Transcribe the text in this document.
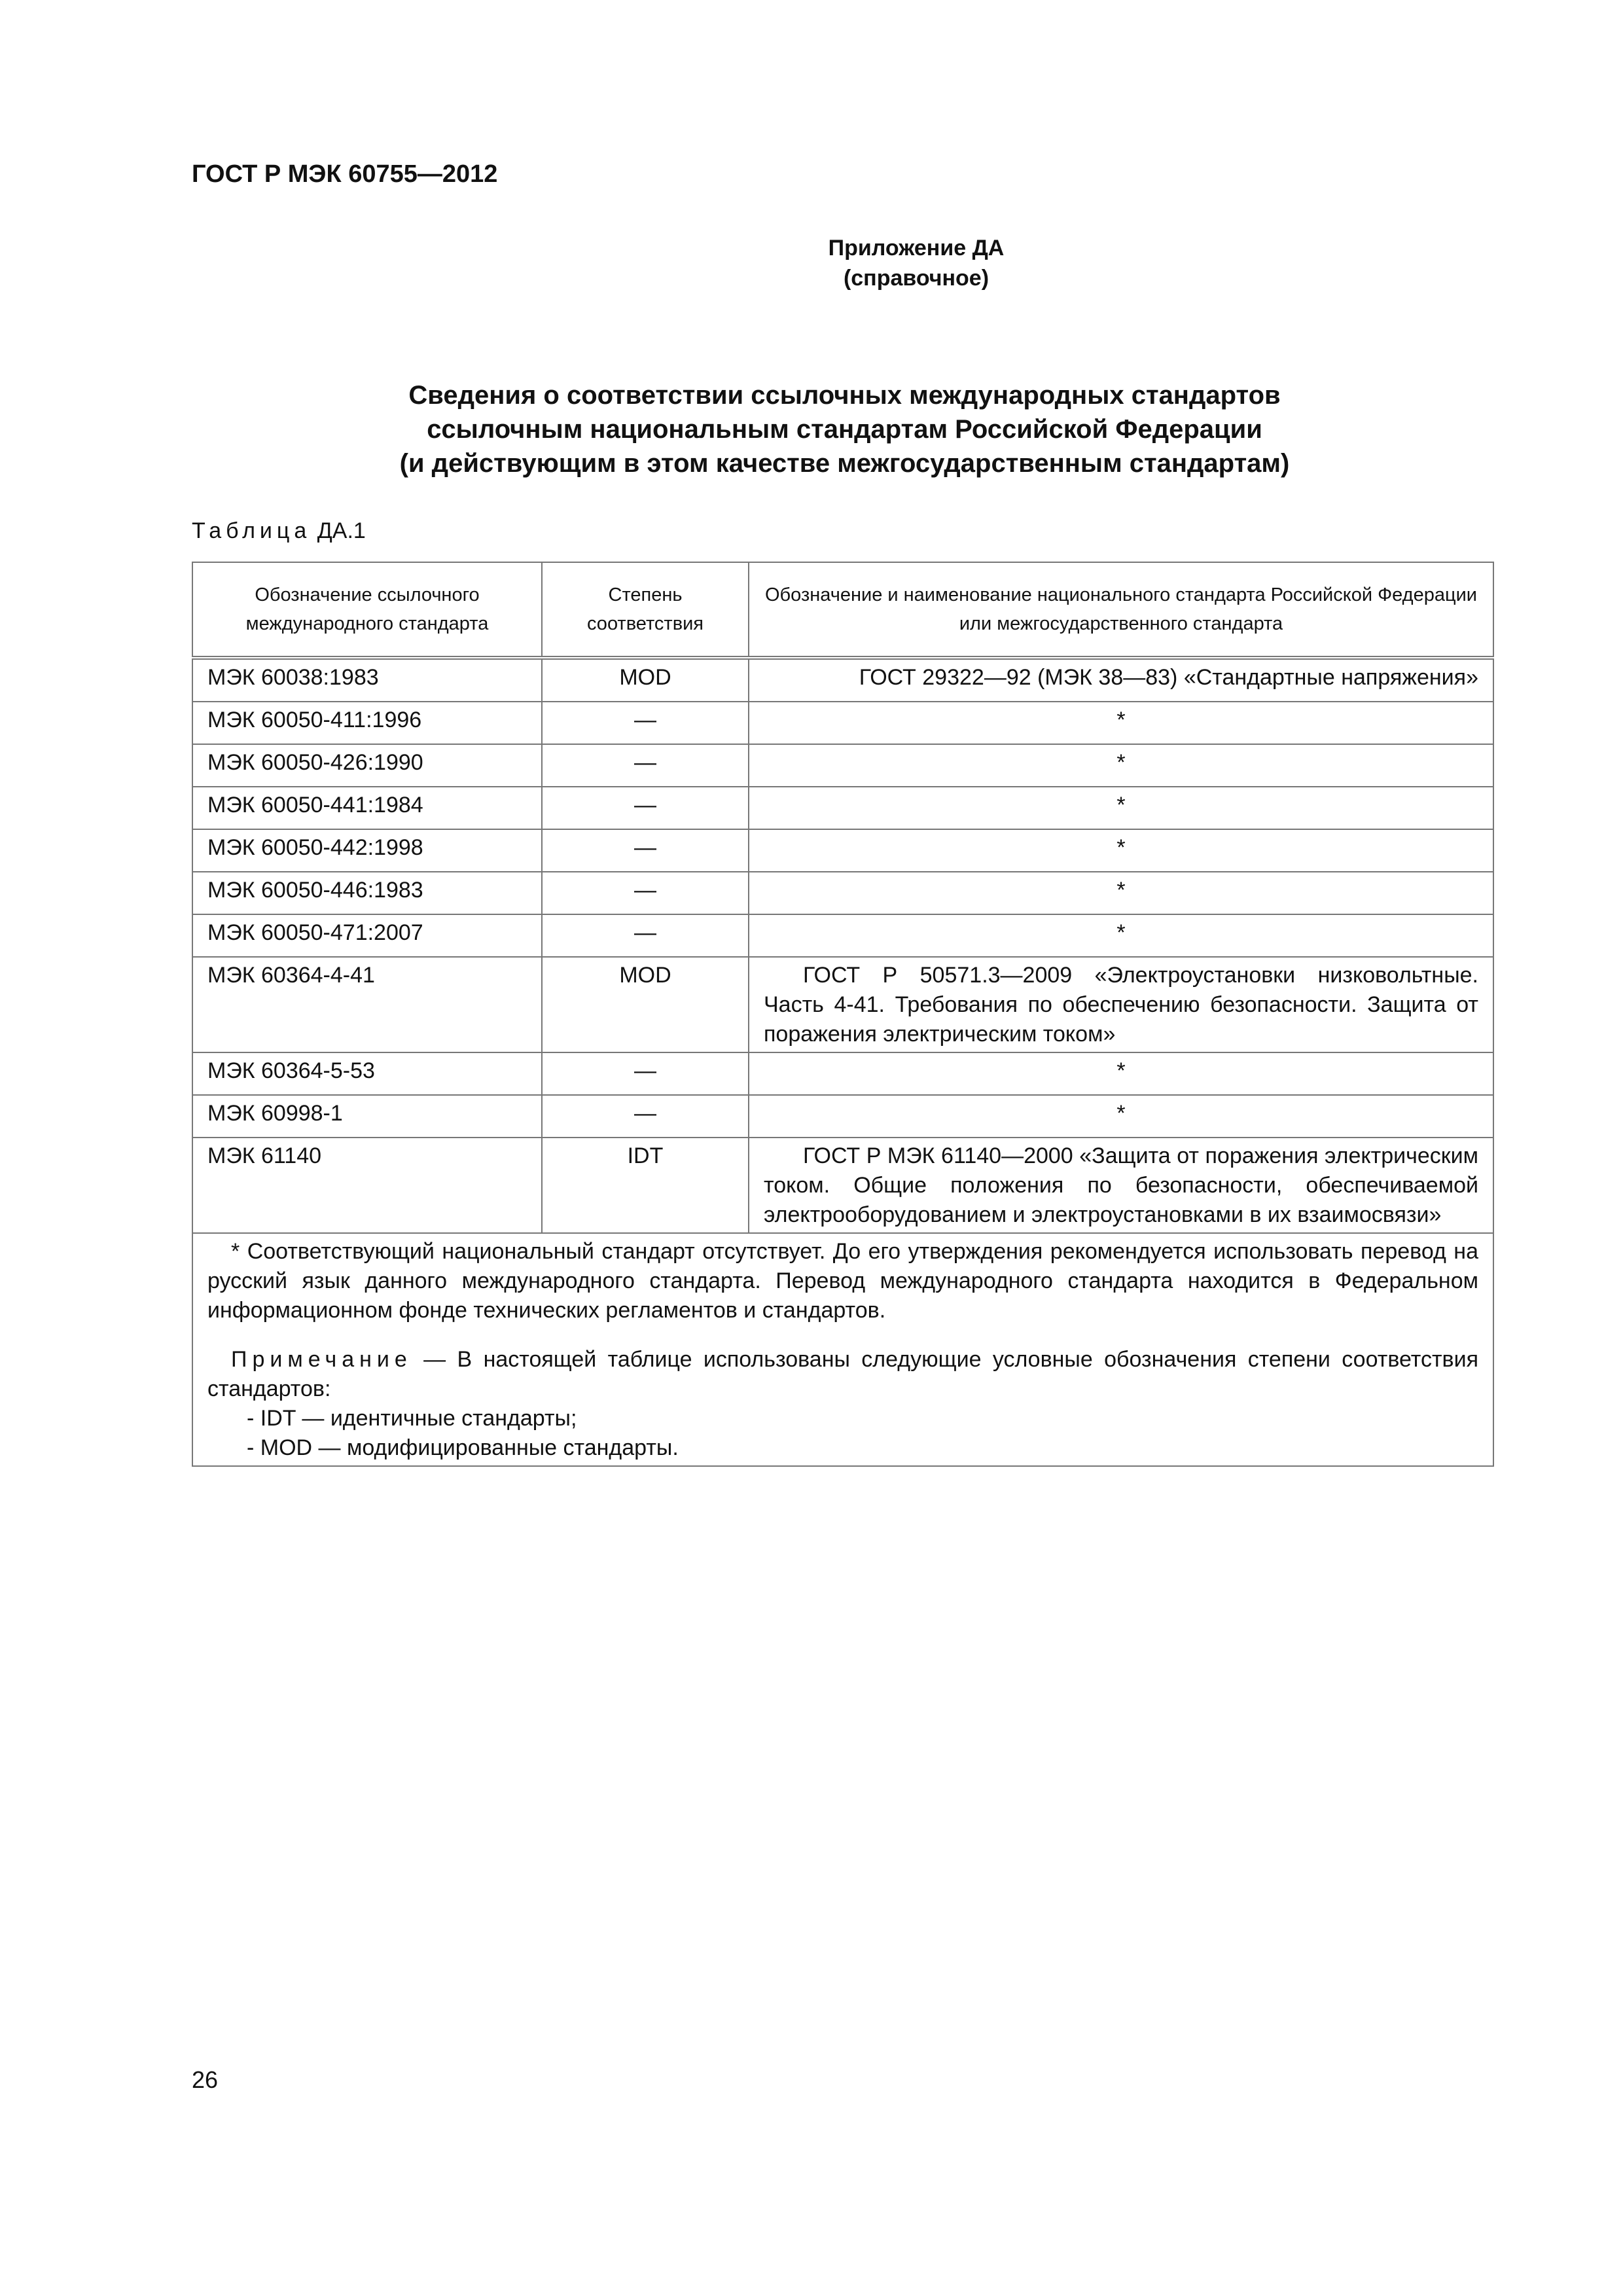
ГОСТ Р МЭК 60755—2012
Приложение ДА
(справочное)
Сведения о соответствии ссылочных международных стандартов
ссылочным национальным стандартам Российской Федерации
(и действующим в этом качестве межгосударственным стандартам)
Таблица ДА.1
Обозначение ссылочного международного стандарта	Степень соответствия	Обозначение и наименование национального стандарта Российской Федерации или межгосударственного стандарта
МЭК 60038:1983	MOD	ГОСТ 29322—92 (МЭК 38—83) «Стандартные напряжения»
МЭК 60050-411:1996	—	*
МЭК 60050-426:1990	—	*
МЭК 60050-441:1984	—	*
МЭК 60050-442:1998	—	*
МЭК 60050-446:1983	—	*
МЭК 60050-471:2007	—	*
МЭК 60364-4-41	MOD	ГОСТ Р 50571.3—2009 «Электроустановки низковольтные. Часть 4-41. Требования по обеспечению безопасности. Защита от поражения электрическим током»
МЭК 60364-5-53	—	*
МЭК 60998-1	—	*
МЭК 61140	IDT	ГОСТ Р МЭК 61140—2000 «Защита от поражения электрическим током. Общие положения по безопасности, обеспечиваемой электрооборудованием и электроустановками в их взаимосвязи»

* Соответствующий национальный стандарт отсутствует. До его утверждения рекомендуется использовать перевод на русский язык данного международного стандарта. Перевод международного стандарта находится в Федеральном информационном фонде технических регламентов и стандартов.
Примечание — В настоящей таблице использованы следующие условные обозначения степени соответствия стандартов:
- IDT — идентичные стандарты;
- MOD — модифицированные стандарты.		
26
